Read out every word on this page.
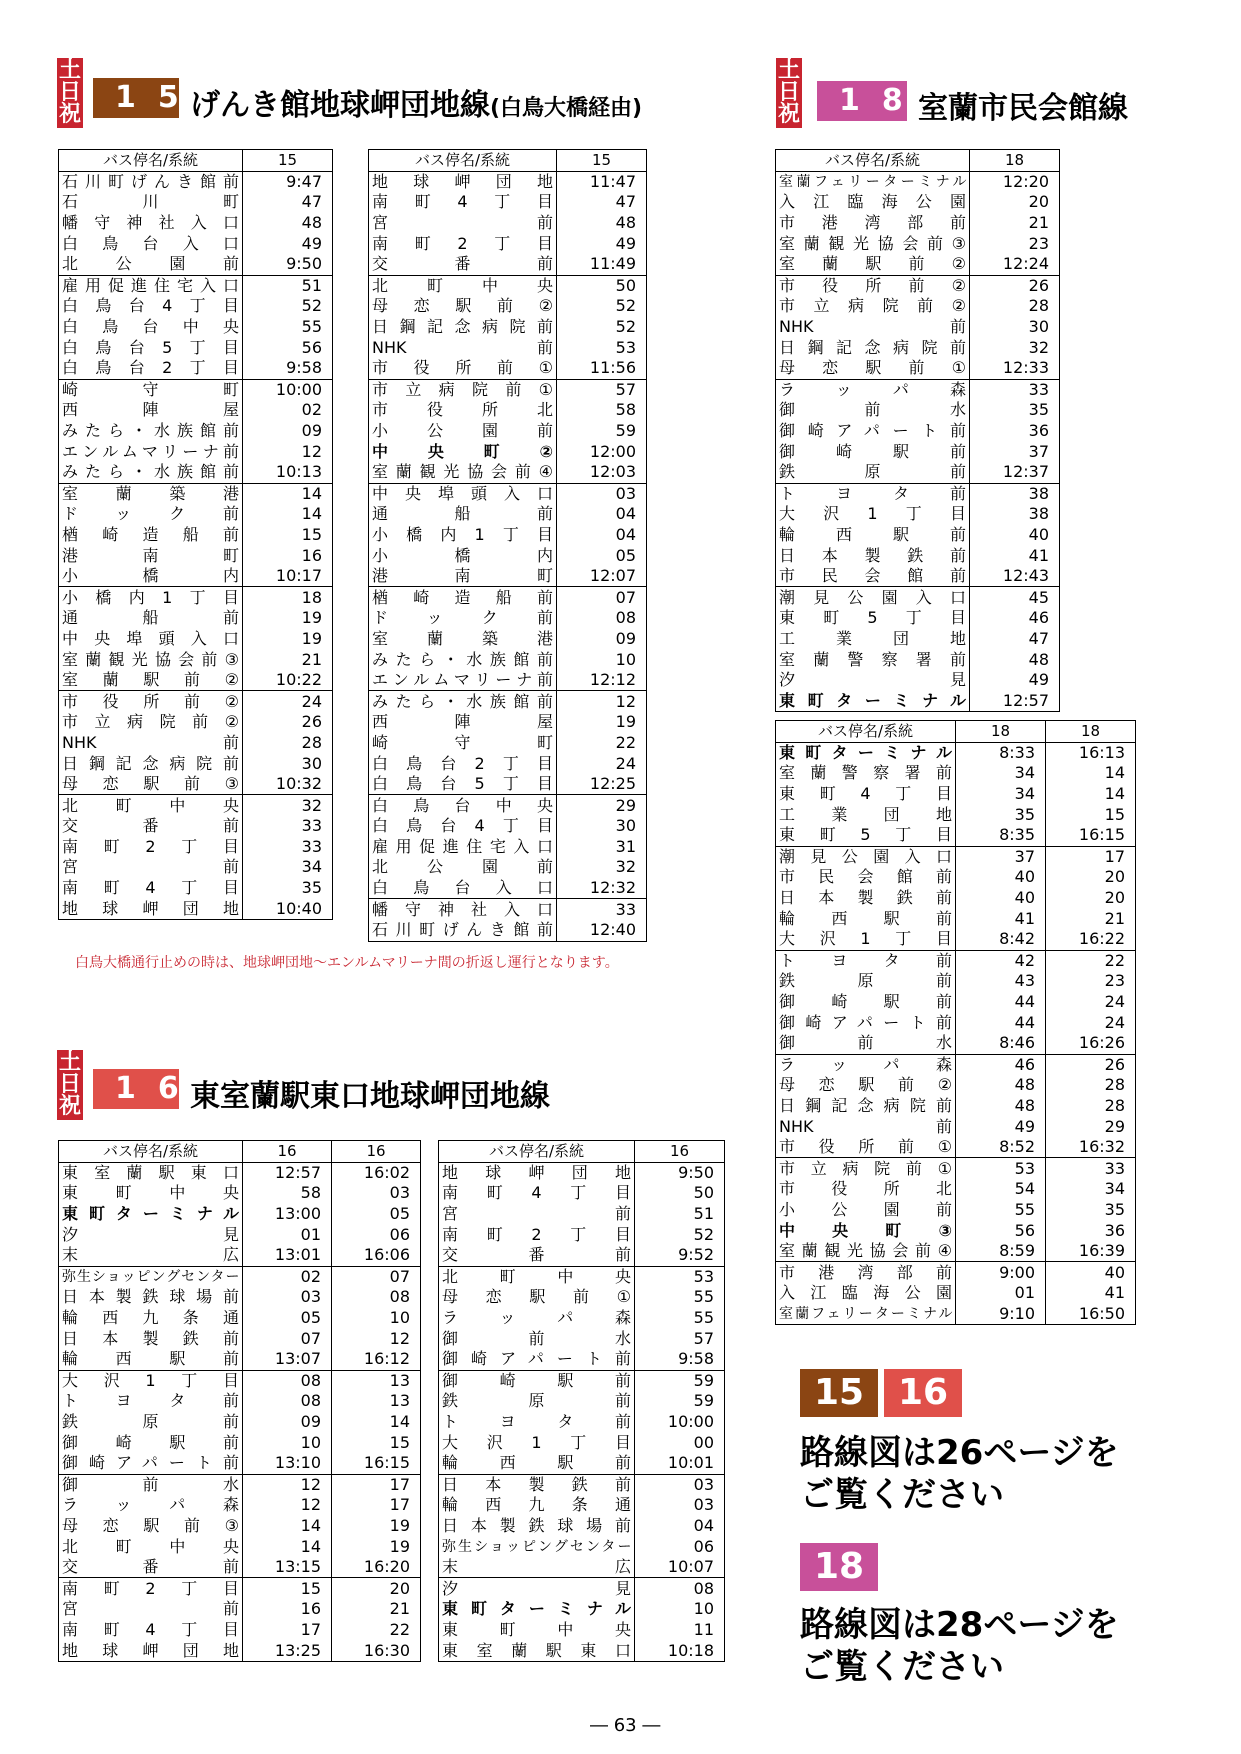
土
日
祝	15
げんき館地球岬団地線(白鳥大橋経由)
バス停名/系統	15
石川町げんき館前	9:47
石川町	47
幡守神社入口	48
白鳥台入口	49
北公園前	9:50
雇用促進住宅入口	51
白鳥台4丁目	52
白鳥台中央	55
白鳥台5丁目	56
白鳥台2丁目	9:58
崎守町	10:00
西陣屋	02
みたら・水族館前	09
エンルムマリーナ前	12
みたら・水族館前	10:13
室蘭築港	14
ドック前	14
楢崎造船前	15
港南町	16
小橋内	10:17
小橋内1丁目	18
通船前	19
中央埠頭入口	19
室蘭観光協会前③	21
室蘭駅前②	10:22
市役所前②	24
市立病院前②	26
NHK前	28
日鋼記念病院前	30
母恋駅前③	10:32
北町中央	32
交番前	33
南町2丁目	33
宮前	34
南町4丁目	35
地球岬団地	10:40
バス停名/系統	15
地球岬団地	11:47
南町4丁目	47
宮前	48
南町2丁目	49
交番前	11:49
北町中央	50
母恋駅前②	52
日鋼記念病院前	52
NHK前	53
市役所前①	11:56
市立病院前①	57
市役所北	58
小公園前	59
中央町②	12:00
室蘭観光協会前④	12:03
中央埠頭入口	03
通船前	04
小橋内1丁目	04
小橋内	05
港南町	12:07
楢崎造船前	07
ドック前	08
室蘭築港	09
みたら・水族館前	10
エンルムマリーナ前	12:12
みたら・水族館前	12
西陣屋	19
崎守町	22
白鳥台2丁目	24
白鳥台5丁目	12:25
白鳥台中央	29
白鳥台4丁目	30
雇用促進住宅入口	31
北公園前	32
白鳥台入口	12:32
幡守神社入口	33
石川町げんき館前	12:40
白鳥大橋通行止めの時は、地球岬団地～エンルムマリーナ間の折返し運行となります。
土
日
祝
16
東室蘭駅東口地球岬団地線
バス停名/系統	16	16
東室蘭駅東口	12:57	16:02
東町中央	58	03
東町ターミナル	13:00	05
汐見	01	06
末広	13:01	16:06
弥生ショッピングセンター	02	07
日本製鉄球場前	03	08
輪西九条通	05	10
日本製鉄前	07	12
輪西駅前	13:07	16:12
大沢1丁目	08	13
トヨタ前	08	13
鉄原前	09	14
御崎駅前	10	15
御崎アパート前	13:10	16:15
御前水	12	17
ラッパ森	12	17
母恋駅前③	14	19
北町中央	14	19
交番前	13:15	16:20
南町2丁目	15	20
宮前	16	21
南町4丁目	17	22
地球岬団地	13:25	16:30
バス停名/系統	16
地球岬団地	9:50
南町4丁目	50
宮前	51
南町2丁目	52
交番前	9:52
北町中央	53
母恋駅前①	55
ラッパ森	55
御前水	57
御崎アパート前	9:58
御崎駅前	59
鉄原前	59
トヨタ前	10:00
大沢1丁目	00
輪西駅前	10:01
日本製鉄前	03
輪西九条通	03
日本製鉄球場前	04
弥生ショッピングセンター	06
末広	10:07
汐見	08
東町ターミナル	10
東町中央	11
東室蘭駅東口	10:18
土
日
祝	18
室蘭市民会館線
バス停名/系統	18
室蘭フェリーターミナル	12:20
入江臨海公園	20
市港湾部前	21
室蘭観光協会前③	23
室蘭駅前②	12:24
市役所前②	26
市立病院前②	28
NHK前	30
日鋼記念病院前	32
母恋駅前①	12:33
ラッパ森	33
御前水	35
御崎アパート前	36
御崎駅前	37
鉄原前	12:37
トヨタ前	38
大沢1丁目	38
輪西駅前	40
日本製鉄前	41
市民会館前	12:43
潮見公園入口	45
東町5丁目	46
工業団地	47
室蘭警察署前	48
汐見	49
東町ターミナル	12:57
バス停名/系統	18	18
東町ターミナル	8:33	16:13
室蘭警察署前	34	14
東町4丁目	34	14
工業団地	35	15
東町5丁目	8:35	16:15
潮見公園入口	37	17
市民会館前	40	20
日本製鉄前	40	20
輪西駅前	41	21
大沢1丁目	8:42	16:22
トヨタ前	42	22
鉄原前	43	23
御崎駅前	44	24
御崎アパート前	44	24
御前水	8:46	16:26
ラッパ森	46	26
母恋駅前②	48	28
日鋼記念病院前	48	28
NHK前	49	29
市役所前①	8:52	16:32
市立病院前①	53	33
市役所北	54	34
小公園前	55	35
中央町③	56	36
室蘭観光協会前④	8:59	16:39
市港湾部前	9:00	40
入江臨海公園	01	41
室蘭フェリーターミナル	9:10	16:50
15 16
路線図は26ページを
ご覧ください
18
路線図は28ページを
ご覧ください
― 63 ―
